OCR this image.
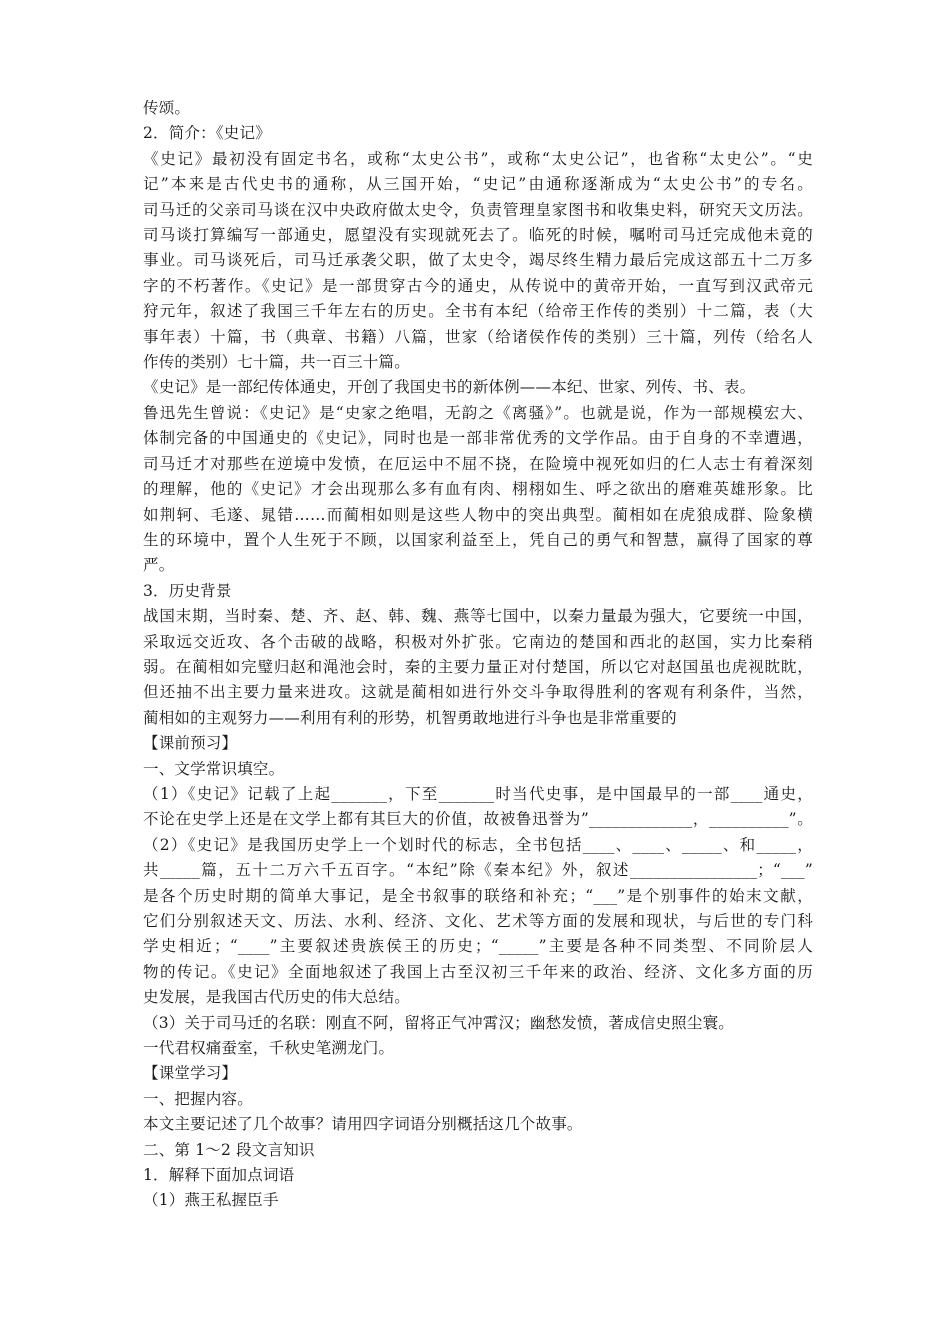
传颂。
2．简介：《史记》
《史记》最初没有固定书名，或称“太史公书”，或称“太史公记”，也省称“太史公”。“史
记”本来是古代史书的通称，从三国开始，“史记”由通称逐渐成为“太史公书”的专名。
司马迁的父亲司马谈在汉中央政府做太史令，负责管理皇家图书和收集史料，研究天文历法。
司马谈打算编写一部通史，愿望没有实现就死去了。临死的时候，嘱咐司马迁完成他未竟的
事业。司马谈死后，司马迁承袭父职，做了太史令，竭尽终生精力最后完成这部五十二万多
字的不朽著作。《史记》是一部贯穿古今的通史，从传说中的黄帝开始，一直写到汉武帝元
狩元年，叙述了我国三千年左右的历史。全书有本纪（给帝王作传的类别）十二篇，表（大
事年表）十篇，书（典章、书籍）八篇，世家（给诸侯作传的类别）三十篇，列传（给名人
作传的类别）七十篇，共一百三十篇。
《史记》是一部纪传体通史，开创了我国史书的新体例——本纪、世家、列传、书、表。
鲁迅先生曾说：《史记》是“史家之绝唱，无韵之《离骚》”。也就是说，作为一部规模宏大、
体制完备的中国通史的《史记》，同时也是一部非常优秀的文学作品。由于自身的不幸遭遇，
司马迁才对那些在逆境中发愤，在厄运中不屈不挠，在险境中视死如归的仁人志士有着深刻
的理解，他的《史记》才会出现那么多有血有肉、栩栩如生、呼之欲出的磨难英雄形象。比
如荆轲、毛遂、晁错……而蔺相如则是这些人物中的突出典型。蔺相如在虎狼成群、险象横
生的环境中，置个人生死于不顾，以国家利益至上，凭自己的勇气和智慧，赢得了国家的尊
严。
3．历史背景
战国末期，当时秦、楚、齐、赵、韩、魏、燕等七国中，以秦力量最为强大，它要统一中国，
采取远交近攻、各个击破的战略，积极对外扩张。它南边的楚国和西北的赵国，实力比秦稍
弱。在蔺相如完璧归赵和渑池会时，秦的主要力量正对付楚国，所以它对赵国虽也虎视眈眈，
但还抽不出主要力量来进攻。这就是蔺相如进行外交斗争取得胜利的客观有利条件，当然，
蔺相如的主观努力——利用有利的形势，机智勇敢地进行斗争也是非常重要的
【课前预习】
一、文学常识填空。
（1）《史记》记载了上起_______，下至_______时当代史事，是中国最早的一部____通史，
不论在史学上还是在文学上都有其巨大的价值，故被鲁迅誉为”_____________，__________”。
（2）《史记》是我国历史学上一个划时代的标志，全书包括____、____、_____、和_____，
共_____篇，五十二万六千五百字。“本纪”除《秦本纪》外，叙述________________；“___”
是各个历史时期的简单大事记，是全书叙事的联络和补充；“___”是个别事件的始末文献，
它们分别叙述天文、历法、水利、经济、文化、艺术等方面的发展和现状，与后世的专门科
学史相近；“____”主要叙述贵族侯王的历史；“_____”主要是各种不同类型、不同阶层人
物的传记。《史记》全面地叙述了我国上古至汉初三千年来的政治、经济、文化多方面的历
史发展，是我国古代历史的伟大总结。
（3）关于司马迁的名联：刚直不阿，留将正气冲霄汉；幽愁发愤，著成信史照尘寰。
一代君权痛蚕室，千秋史笔溯龙门。
【课堂学习】
一、把握内容。
本文主要记述了几个故事？请用四字词语分别概括这几个故事。
二、第 1～2 段文言知识
1．解释下面加点词语
（1）燕王私握臣手
